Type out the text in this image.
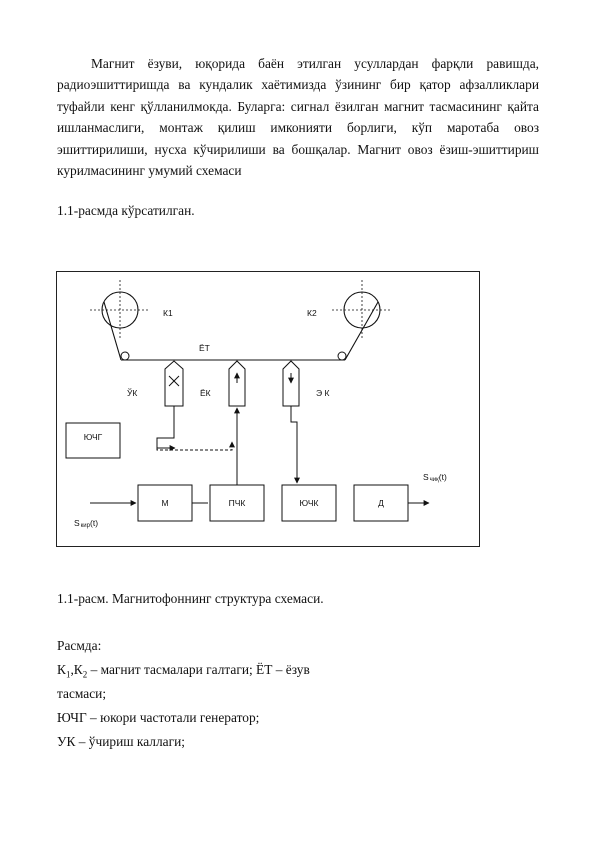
Магнит ёзуви, юқорида баён этилган усуллардан фарқли равишда, радиоэшиттиришда ва кундалик хаётимизда ўзининг бир қатор афзалликлари туфайли кенг қўлланилмокда. Буларга: сигнал ёзилган магнит тасмасининг қайта ишланмаслиги, монтаж қилиш имконияти борлиги, кўп маротаба овоз эшиттирилиши, нусха кўчирилиши ва бошқалар. Магнит овоз ёзиш-эшиттириш курилмасининг умумий схемаси
1.1-расмда кўрсатилган.
К1	К2
ЁТ
ЎК	ЁК	Э К
ЮЧГ
М	ПЧК	ЮЧК	Д
Sчиқ(t)
Sкир(t)
1.1-расм. Магнитофоннинг структура схемаси.
Расмда:
$К_1,К_2$ – магнит тасмалари галтаги; ЁТ – ёзув
тасмаси;
ЮЧГ – юкори частотали генератор;
УК – ўчириш каллаги;
